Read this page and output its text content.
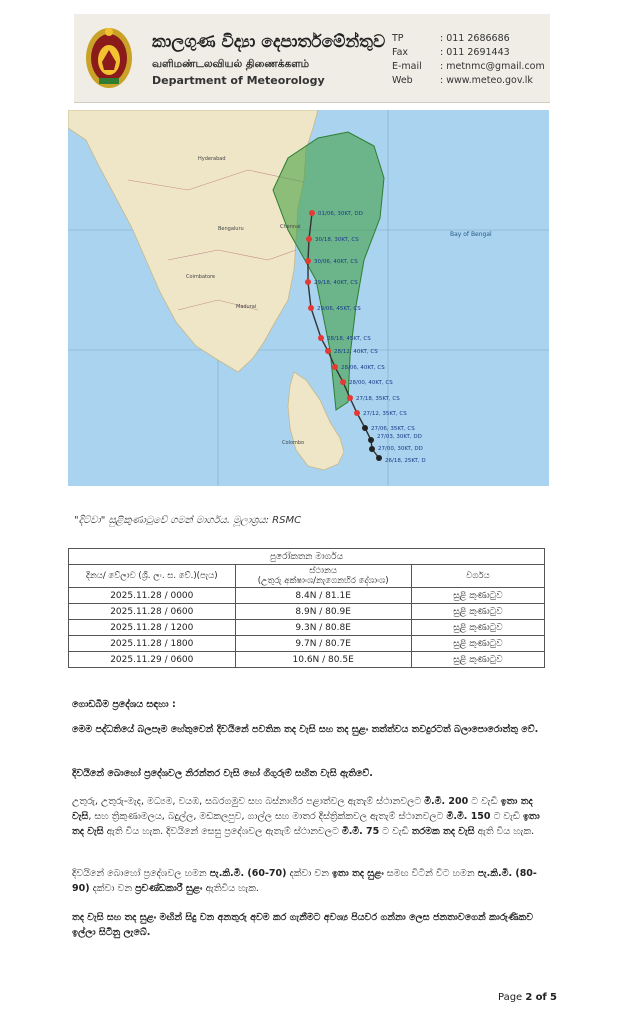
කාලගුණ විද්‍යා දෙපාර්තමේන්තුව
வளிமண்டலவியல் திணைக்களம்
Department of Meteorology
TP	: 011 2686686
Fax	: 011 2691443
E-mail	: metnmc@gmail.com
Web	: www.meteo.gov.lk
01/06, 30KT, DD
30/18, 30KT, CS
30/06, 40KT, CS
29/18, 40KT, CS
29/06, 45KT, CS
28/18, 45KT, CS
28/12, 40KT, CS
28/06, 40KT, CS
28/00, 40KT, CS
27/18, 35KT, CS
27/12, 35KT, CS
27/06, 35KT, CS
27/03, 30KT, DD
27/00, 30KT, DD
26/18, 25KT, D
Bay of Bengal
Hyderabad
Chennai
Bengaluru
Coimbatore
Madurai
Colombo
"දිට්වා" සුළිකුණාටුවේ ගමන් මාර්ගය. මූලාශ්‍රය: RSMC
පුරෝකතන මාර්ගය		
දිනය/ වේලාව (ශ්‍රී. ලං. ස. වේ.)(පැය)	ස්ථානය
(උතුරු අක්ෂාංශ/නැගෙනහිර දේශාංශ)	වර්ගය
2025.11.28 / 0000	8.4N / 81.1E	සුළි කුණාටුව
2025.11.28 / 0600	8.9N / 80.9E	සුළි කුණාටුව
2025.11.28 / 1200	9.3N / 80.8E	සුළි කුණාටුව
2025.11.28 / 1800	9.7N / 80.7E	සුළි කුණාටුව
2025.11.29 / 0600	10.6N / 80.5E	සුළි කුණාටුව
ගොඩබිම ප්‍රදේශය සඳහා :
මෙම පද්ධතියේ බලපෑම හේතුවෙන් දිවයිනේ පවතින තද වැසි සහ තද සුළං තත්ත්වය තවදුරටත් බලාපොරොත්තු වේ.
දිවයිනේ බොහෝ ප්‍රදේශවල නිරන්තර වැසි හෝ ගිගුරුම් සහිත වැසි ඇතිවේ.
උතුරු, උතුරු-මැද, මධ්‍යම, වයඹ, සබරගමුව සහ බස්නාහිර පළාත්වල ඇතැම් ස්ථානවලට මි.මී. 200 ට වැඩි ඉතා තද වැසි, සහ ත්‍රිකුණාමලය, බදුල්ල, මඩකලපුව, ගාල්ල සහ මාතර දිස්ත්‍රික්කවල ඇතැම් ස්ථානවලට මි.මී. 150 ට වැඩි ඉතා තද වැසි ඇති විය හැක. දිවයිනේ සෙසු ප්‍රදේශවල ඇතැම් ස්ථානවලට මි.මී. 75 ට වැඩි තරමක තද වැසි ඇති විය හැක.
දිවයිනේ බොහෝ ප්‍රදේශවල හමන පැ.කි.මී. (60-70) දක්වා වන ඉතා තද සුළං සමඟ විටින් විට හමන පැ.කි.මී. (80-90) දක්වා වන ප්‍රචණ්ඩකාරී සුළං ඇතිවිය හැක.
තද වැසි සහ තද සුළං මඟින් සිදු වන අනතුරු අවම කර ගැනීමට අවශ්‍ය පියවර ගන්නා ලෙස ජනතාවගෙන් කාරුණිකව ඉල්ලා සිටිනු ලැබේ.
Page 2 of 5
